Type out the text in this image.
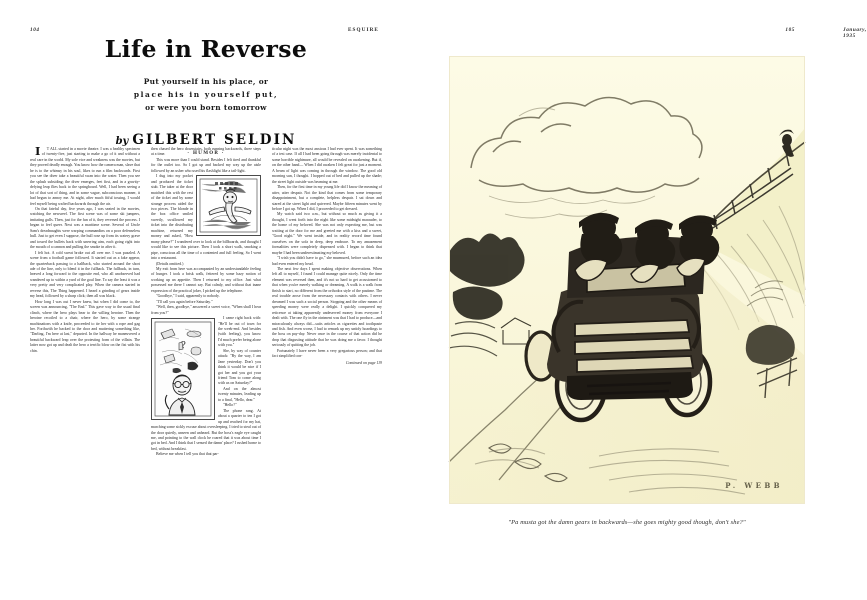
104	ESQUIRE
Life in Reverse
Put yourself in his place, or
place his in yourself put,
or were you born tomorrow
by GILBERT SELDIN
· HUMOR ·

IT ALL started in a movie theatre. I was a healthy specimen of twenty-five, just starting to make a go of it and without a real care in the world. My sole vice and weakness was the movies, but they proved deadly enough. You know how the camera man, slave that he is to the whimsy in his soul, likes to run a film backwards. First you see the diver take a beautiful swan into the water. Then you see the splash subsiding; the diver emerges, feet first, and in a gravity-defying leap flies back to the springboard. Well, I had been seeing a lot of that sort of thing, and in some vague, subconscious manner, it had begun to annoy me. At night, after much fitful tossing, I would feel myself being wafted backwards through the air.

On that fateful day, five years ago, I was seated in the movies, watching the newsreel. The first scene was of some ski jumpers, imitating gulls. Then, just for the fun of it, they reversed the process. I began to feel queer. Next was a maritime scene. Several of Uncle Sam's dreadnaughts were warping commandins on a poor defenseless hull. Just to get even I suppose, the hull rose up from its watery grave and tossed the bullets back with unerring aim, each going right into the mouth of a cannon and pulling the smoke in after it.

I felt hot. A cold sweat broke out all over me. I was puzzled. A scene from a football game followed. It started out as a fake appear, the quarterback passing to a halfback, who started around the short ade of the line, only to blend it in the fullback. The fullback, in turn, heaved a long forward to the opposite end, who all unobserved had wandered up to within a yard of the goal line. To say the least it was a very pretty and very complicated play. When the camera started in reverse this, The Thing happened. I heard a grinding of gears inside my head, followed by a sharp click; then all was black.

How long I was out I never knew, but when I did come to, the screen was announcing, "The End." This gave way to the usual final clinch, where the hero plays bear to the willing heroine. Then the heroine recoiled to a chair, where the hero, by some strange machinations with a knife, proceeded to tie her with a rope and gag her. Forthwith he backed to the door and muttering something like, "Darling, I'm here at last," departed. In the hallway he maneuvered a beautiful backward leap over the protesting form of the villain. The latter now got up and dealt the hero a terrific blow on the fist with his chin.

then chased the hero downstairs, both running backwards, three steps at a time.

This was more than I could stand. Besides I felt tired and thankful for the outlet too. So I got up and backed my way up the aisle followed by an usher who used his flashlight like a tail-light.

I dug into my pocket and produced the ticket stub. The taker at the door matched this with the rest of the ticket and by some strange process aided the two pieces. The blonde in the box office smiled sweetly, swallowed my ticket into the distributing machine, returned my money and asked, "How many please?" I wandered over to look at the billboards, and thought I would like to see this picture. Then I took a short walk, smoking a pipe, conscious all the time of a contented and full feeling. So I went into a restaurant.

(Details omitted.)

My exit from here was accompanied by an understandable feeling of hunger. I took a brisk walk, fettered by some hazy notion of working up an appetite. Then I returned to my office. Just what possessed me there I cannot say. But calmly, and without that inane expression of the practical joker, I picked up the telephone.

"Goodbye," I said, apparently to nobody.

"I'll call you again before Saturday."

"Well, then, goodbye," answered a sweet voice, "When shall I hear from you?"

?

I came right back with: "He'll be out of town for the week-end. And besides (with feeling), you know I'd much prefer being alone with you."

She, by way of counter attack: "By the way, I am Jane yesterday. Don't you think it would be nice if I got her and you got your friend Tom to come along with us on Saturday?"

And on the almost twenty minutes, leading up to a final, "Hello, dear."

"Hello?"

The phone rang. At about a quarter to ten I got up and reached for my hat, marching some sickly excuse about oversleeping. I tried to steal out of the door quietly, unseen and unheard. But the boss's eagle eye caught me, and pointing to the wall clock he roared that it was about time I got in bed. And I think that I sensed the damn' place? I rushed home to bed, without breakfast.

Believe me when I tell you that that par-

ticular night was the most anxious I had ever spent. It was something of a test case. If all I had been going through was merely incidental to some horrible nightmare, all would be revealed on awakening. But if, on the other hand— When I did awaken I felt great for just a moment. A beam of light was coming in through the window. The good old morning sun, I thought. I hopped out of bed and pulled up the shade; the street light outside was beaming at me.

Then, for the first time in my young life did I know the meaning of utter, utter despair. Not the kind that comes from some temporary disappointment, but a complete, helpless despair. I sat down and stared at the street light and quivered. Maybe fifteen minutes went by before I got up. When I did, I proceeded to get dressed.

My watch said two a.m., but without so much as giving it a thought, I went forth into the night like some midnight marauder, to the home of my beloved. She was not only expecting me, but was waiting at the door for me and greeted me with a kiss and a sweet, "Good night." We went inside, and in reality record time found ourselves on the sofa in deep, deep embrace. To my amazement formalities were completely dispensed with. I began to think that maybe I had been underestimating my beloved.

"I wish you didn't have to go," she murmured, before such an idea had even entered my head.

The next few days I spent making objective observations. When left all to myself, I found I could manage quite nicely. Only the time element was reversed then, and it's not so hard to get accustomed to that when you're merely walking or dreaming. A walk is a walk from finish to start, no different from the orthodox style of the pastime. The real trouble arose from the necessary contacts with others. I never dreamed I was such a social person. Stopping and the other means of speeding money were really a delight. I quickly conquered my reticence at taking apparently undeserved money from everyone I dealt with. The one fly in the ointment was that I had to produce—and miraculously always did—suits articles as cigarettes and toothpaste and fish. And even worse, I had to remark up my untidy hoardings to the boss on pay-day. Never once in the course of that action did he drop that disgusting attitude that he was doing me a favor. I thought seriously of quitting the job.

Fortunately I have never been a very gregarious person; and that fact simplified con-

Continued on page 119

January, 1935
105
P. WEBB
"Pa musta got the damn gears in backwards—she goes mighty good though, don't she?"
